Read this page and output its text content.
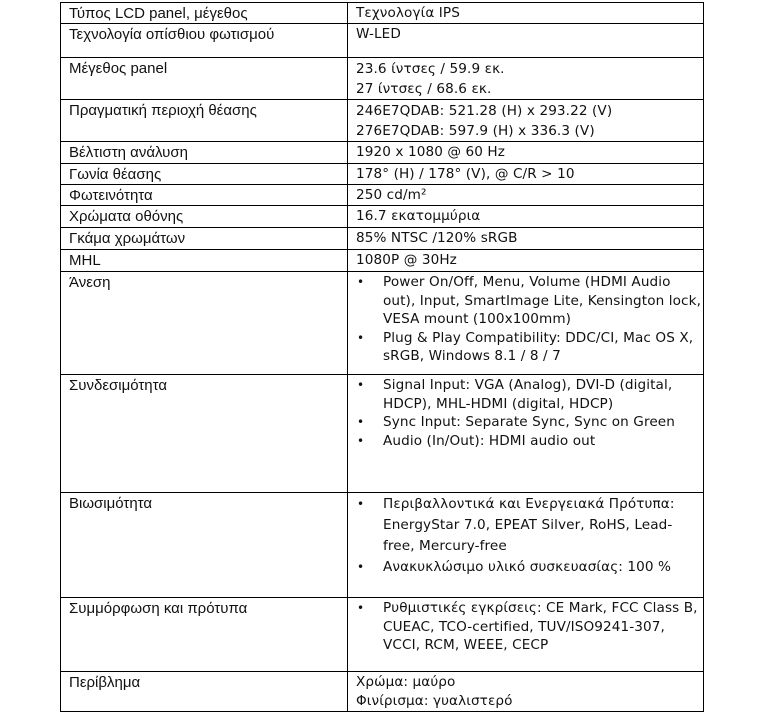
Τύπος LCD panel, μέγεθος	Τεχνολογία IPS

Τεχνολογία οπίσθιου φωτισμού	W-LED

Μέγεθος panel	23.6 ίντσες / 59.9 εκ.
27 ίντσες / 68.6 εκ.

Πραγματική περιοχή θέασης	246E7QDAB: 521.28 (H) x 293.22 (V)
276E7QDAB: 597.9 (H) x 336.3 (V)

Βέλτιστη ανάλυση	1920 x 1080 @ 60 Hz

Γωνία θέασης	178° (H) / 178° (V), @ C/R > 10

Φωτεινότητα	250 cd/m²

Χρώματα οθόνης	16.7 εκατομμύρια

Γκάμα χρωμάτων	85% NTSC /120% sRGB

MHL	1080P @ 30Hz

Άνεση	
•Power On/Off, Menu, Volume (HDMI Audio out), Input, SmartImage Lite, Kensington lock, VESA mount (100x100mm)
• Plug & Play Compatibility: DDC/CI, Mac OS X, sRGB, Windows 8.1 / 8 / 7

Συνδεσιμότητα	
•Signal Input: VGA (Analog), DVI-D (digital, HDCP), MHL-HDMI (digital, HDCP)
• Sync Input: Separate Sync, Sync on Green
• Audio (In/Out): HDMI audio out

Βιωσιμότητα	
•Περιβαλλοντικά και Ενεργειακά Πρότυπα: EnergyStar 7.0, EPEAT Silver, RoHS, Lead-free, Mercury-free
• Ανακυκλώσιμο υλικό συσκευασίας: 100 %

Συμμόρφωση και πρότυπα	
•Ρυθμιστικές εγκρίσεις: CE Mark, FCC Class B, CUEAC, TCO-certified, TUV/ISO9241-307, VCCI, RCM, WEEE, CECP

Περίβλημα	Χρώμα: μαύρο
Φινίρισμα: γυαλιστερό
